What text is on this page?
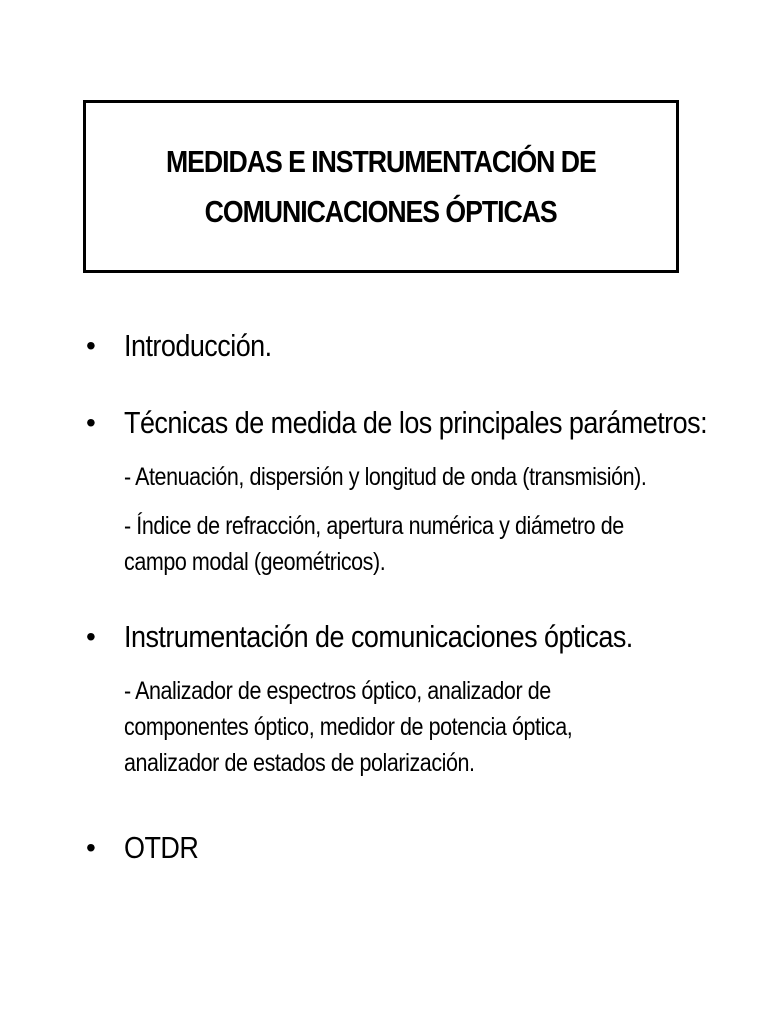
MEDIDAS E INSTRUMENTACIÓN DE
COMUNICACIONES ÓPTICAS
• Introducción.
• Técnicas de medida de los principales parámetros:
- Atenuación, dispersión y longitud de onda (transmisión).
- Índice de refracción, apertura numérica y diámetro de
campo modal (geométricos).
• Instrumentación de comunicaciones ópticas.
- Analizador de espectros óptico, analizador de
componentes óptico, medidor de potencia óptica,
analizador de estados de polarización.
• OTDR
